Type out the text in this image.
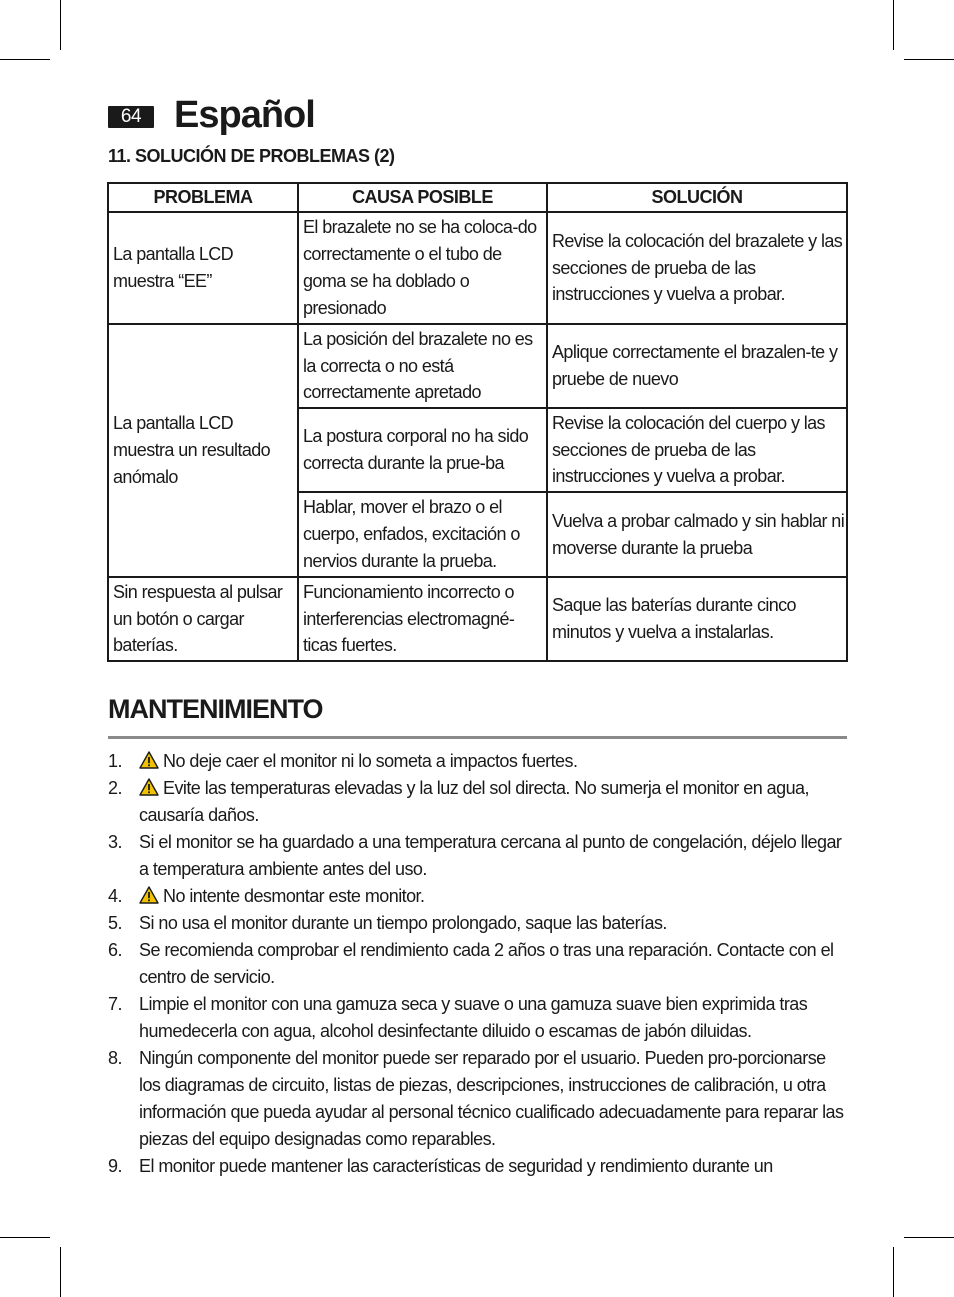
64 Español
11. SOLUCIÓN DE PROBLEMAS (2)
PROBLEMA	CAUSA POSIBLE	SOLUCIÓN
La pantalla LCD muestra “EE”	El brazalete no se ha coloca-do correctamente o el tubo de goma se ha doblado o presionado	Revise la colocación del brazalete y las secciones de prueba de las instrucciones y vuelva a probar.
La pantalla LCD muestra un resultado anómalo	La posición del brazalete no es la correcta o no está correctamente apretado	Aplique correctamente el brazalen-te y pruebe de nuevo
	La postura corporal no ha sido correcta durante la prue-ba	Revise la colocación del cuerpo y las secciones de prueba de las instrucciones y vuelva a probar.
	Hablar, mover el brazo o el cuerpo, enfados, excitación o nervios durante la prueba.	Vuelva a probar calmado y sin hablar ni moverse durante la prueba
Sin respuesta al pulsar un botón o cargar baterías.	Funcionamiento incorrecto o interferencias electromagné-ticas fuertes.	Saque las baterías durante cinco minutos y vuelva a instalarlas.
MANTENIMIENTO
1. No deje caer el monitor ni lo someta a impactos fuertes.
2. Evite las temperaturas elevadas y la luz del sol directa. No sumerja el monitor en agua, causaría daños.
3. Si el monitor se ha guardado a una temperatura cercana al punto de congelación, déjelo llegar a temperatura ambiente antes del uso.
4. No intente desmontar este monitor.
5. Si no usa el monitor durante un tiempo prolongado, saque las baterías.
6. Se recomienda comprobar el rendimiento cada 2 años o tras una reparación. Contacte con el centro de servicio.
7. Limpie el monitor con una gamuza seca y suave o una gamuza suave bien exprimida tras humedecerla con agua, alcohol desinfectante diluido o escamas de jabón diluidas.
8. Ningún componente del monitor puede ser reparado por el usuario. Pueden pro-porcionarse los diagramas de circuito, listas de piezas, descripciones, instrucciones de calibración, u otra información que pueda ayudar al personal técnico cualificado adecuadamente para reparar las piezas del equipo designadas como reparables.
9. El monitor puede mantener las características de seguridad y rendimiento durante un
